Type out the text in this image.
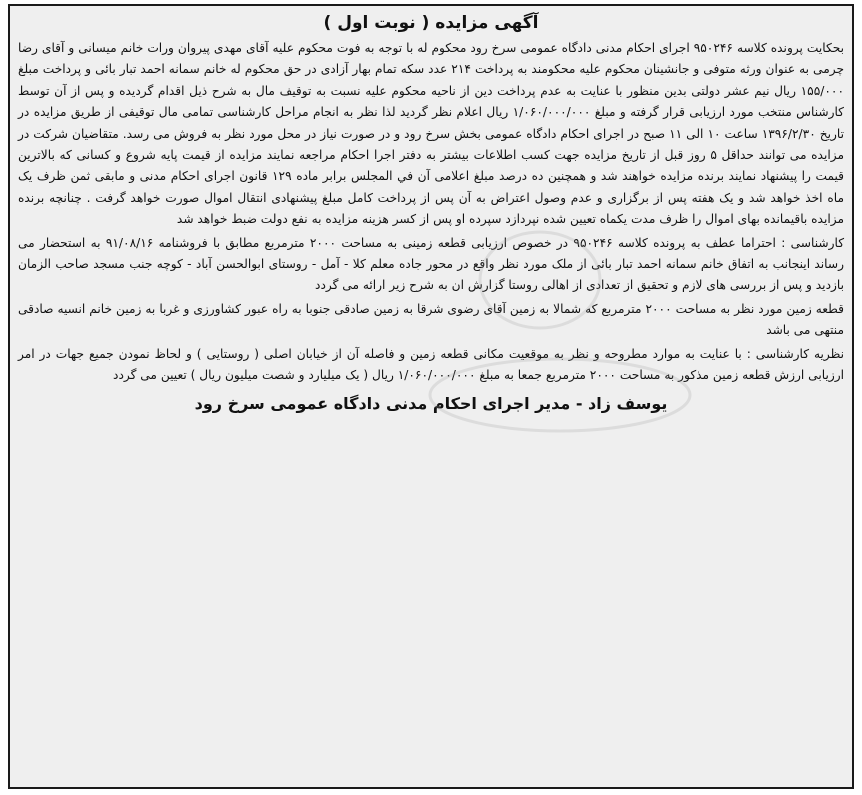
آگهی مزایده ( نوبت اول )

بحکایت پرونده کلاسه ۹۵۰۲۴۶ اجرای احکام مدنی دادگاه عمومی سرخ رود محکوم له با توجه به فوت محکوم علیه آقای مهدی پیروان ورات خانم میسانی و آقای رضا چرمی به عنوان ورثه متوفی و جانشینان محکوم علیه محکومند به پرداخت ۲۱۴ عدد سکه تمام بهار آزادی در حق محکوم له خانم سمانه احمد تبار بائی و پرداخت مبلغ ۱۵۵/۰۰۰ ریال نیم عشر دولتی بدین منظور با عنایت به عدم پرداخت دین از ناحیه محکوم علیه نسبت به توقیف مال به شرح ذیل اقدام گردیده و پس از آن توسط کارشناس منتخب مورد ارزیابی قرار گرفته و مبلغ ۱/۰۶۰/۰۰۰/۰۰۰ ریال اعلام نظر گردید لذا نظر به انجام مراحل کارشناسی تمامی مال توقیفی از طریق مزایده در تاریخ ۱۳۹۶/۲/۳۰ ساعت ۱۰ الی ۱۱ صبح در اجرای احکام دادگاه عمومی بخش سرخ رود و در صورت نیاز در محل مورد نظر به فروش می رسد. متقاضیان شرکت در مزایده می توانند حداقل ۵ روز قبل از تاریخ مزایده جهت کسب اطلاعات بیشتر به دفتر اجرا احکام مراجعه نمایند مزایده از قیمت پایه شروع و کسانی که بالاترین قیمت را پیشنهاد نمایند برنده مزایده خواهند شد و همچنین ده درصد مبلغ اعلامی آن في المجلس برابر ماده ۱۲۹ قانون اجرای احکام مدنی و مابقی ثمن ظرف یک ماه اخذ خواهد شد و یک هفته پس از برگزاری و عدم وصول اعتراض به آن پس از پرداخت کامل مبلغ پیشنهادی انتقال اموال صورت خواهد گرفت . چنانچه برنده مزایده باقیمانده بهای اموال را ظرف مدت یکماه تعیین شده نپردازد سپرده او پس از کسر هزینه مزایده به نفع دولت ضبط خواهد شد

کارشناسی : احتراما عطف به پرونده کلاسه ۹۵۰۲۴۶ در خصوص ارزیابی قطعه زمینی به مساحت ۲۰۰۰ مترمربع مطابق با فروشنامه ۹۱/۰۸/۱۶ به استحضار می رساند اینجانب به اتفاق خانم سمانه احمد تبار بائی از ملک مورد نظر واقع در محور جاده معلم کلا - آمل - روستای ابوالحسن آباد - کوچه جنب مسجد صاحب الزمان بازدید و پس از بررسی های لازم و تحقیق از تعدادی از اهالی روستا گزارش ان به شرح زیر ارائه می گردد

قطعه زمین مورد نظر به مساحت ۲۰۰۰ مترمربع که شمالا به زمین آقای رضوی شرقا به زمین صادقی جنوبا به راه عبور کشاورزی و غربا به زمین خانم انسیه صادقی منتهی می باشد

نظریه کارشناسی : با عنایت به موارد مطروحه و نظر به موقعیت مکانی قطعه زمین و فاصله آن از خیابان اصلی ( روستایی ) و لحاظ نمودن جمیع جهات در امر ارزیابی ارزش قطعه زمین مذکور به مساحت ۲۰۰۰ مترمربع جمعا به مبلغ ۱/۰۶۰/۰۰۰/۰۰۰ ریال ( یک میلیارد و شصت میلیون ریال ) تعیین می گردد

یوسف زاد - مدیر اجرای احکام مدنی دادگاه عمومی سرخ رود
